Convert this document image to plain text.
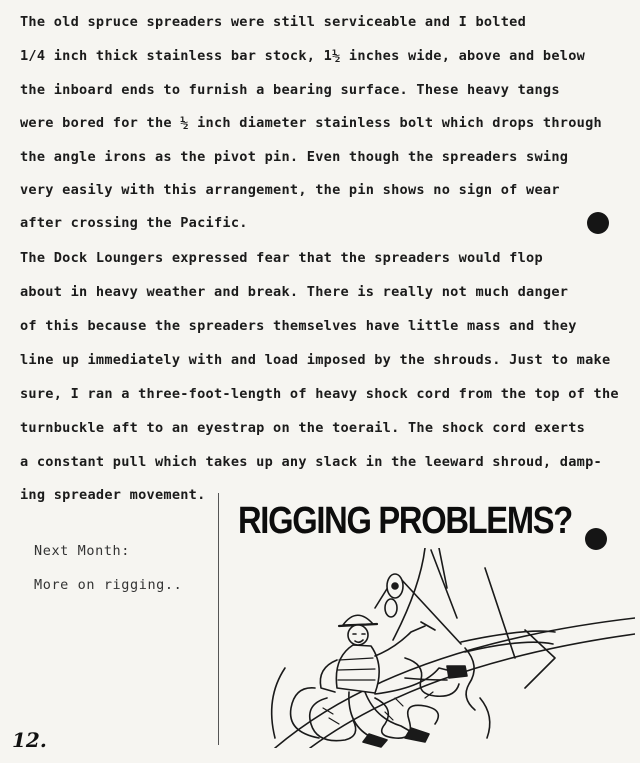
The old spruce spreaders were still serviceable and I bolted
1/4 inch thick stainless bar stock, 1½ inches wide, above and below
the inboard ends to furnish a bearing surface. These heavy tangs
were bored for the ½ inch diameter stainless bolt which drops through
the angle irons as the pivot pin. Even though the spreaders swing
very easily with this arrangement, the pin shows no sign of wear
after crossing the Pacific.
The Dock Loungers expressed fear that the spreaders would flop
about in heavy weather and break. There is really not much danger
of this because the spreaders themselves have little mass and they
line up immediately with and load imposed by the shrouds. Just to make
sure, I ran a three-foot-length of heavy shock cord from the top of the
turnbuckle aft to an eyestrap on the toerail. The shock cord exerts
a constant pull which takes up any slack in the leeward shroud, damp-
ing spreader movement.
Next Month:
More on rigging..
RIGGING PROBLEMS?
12.
